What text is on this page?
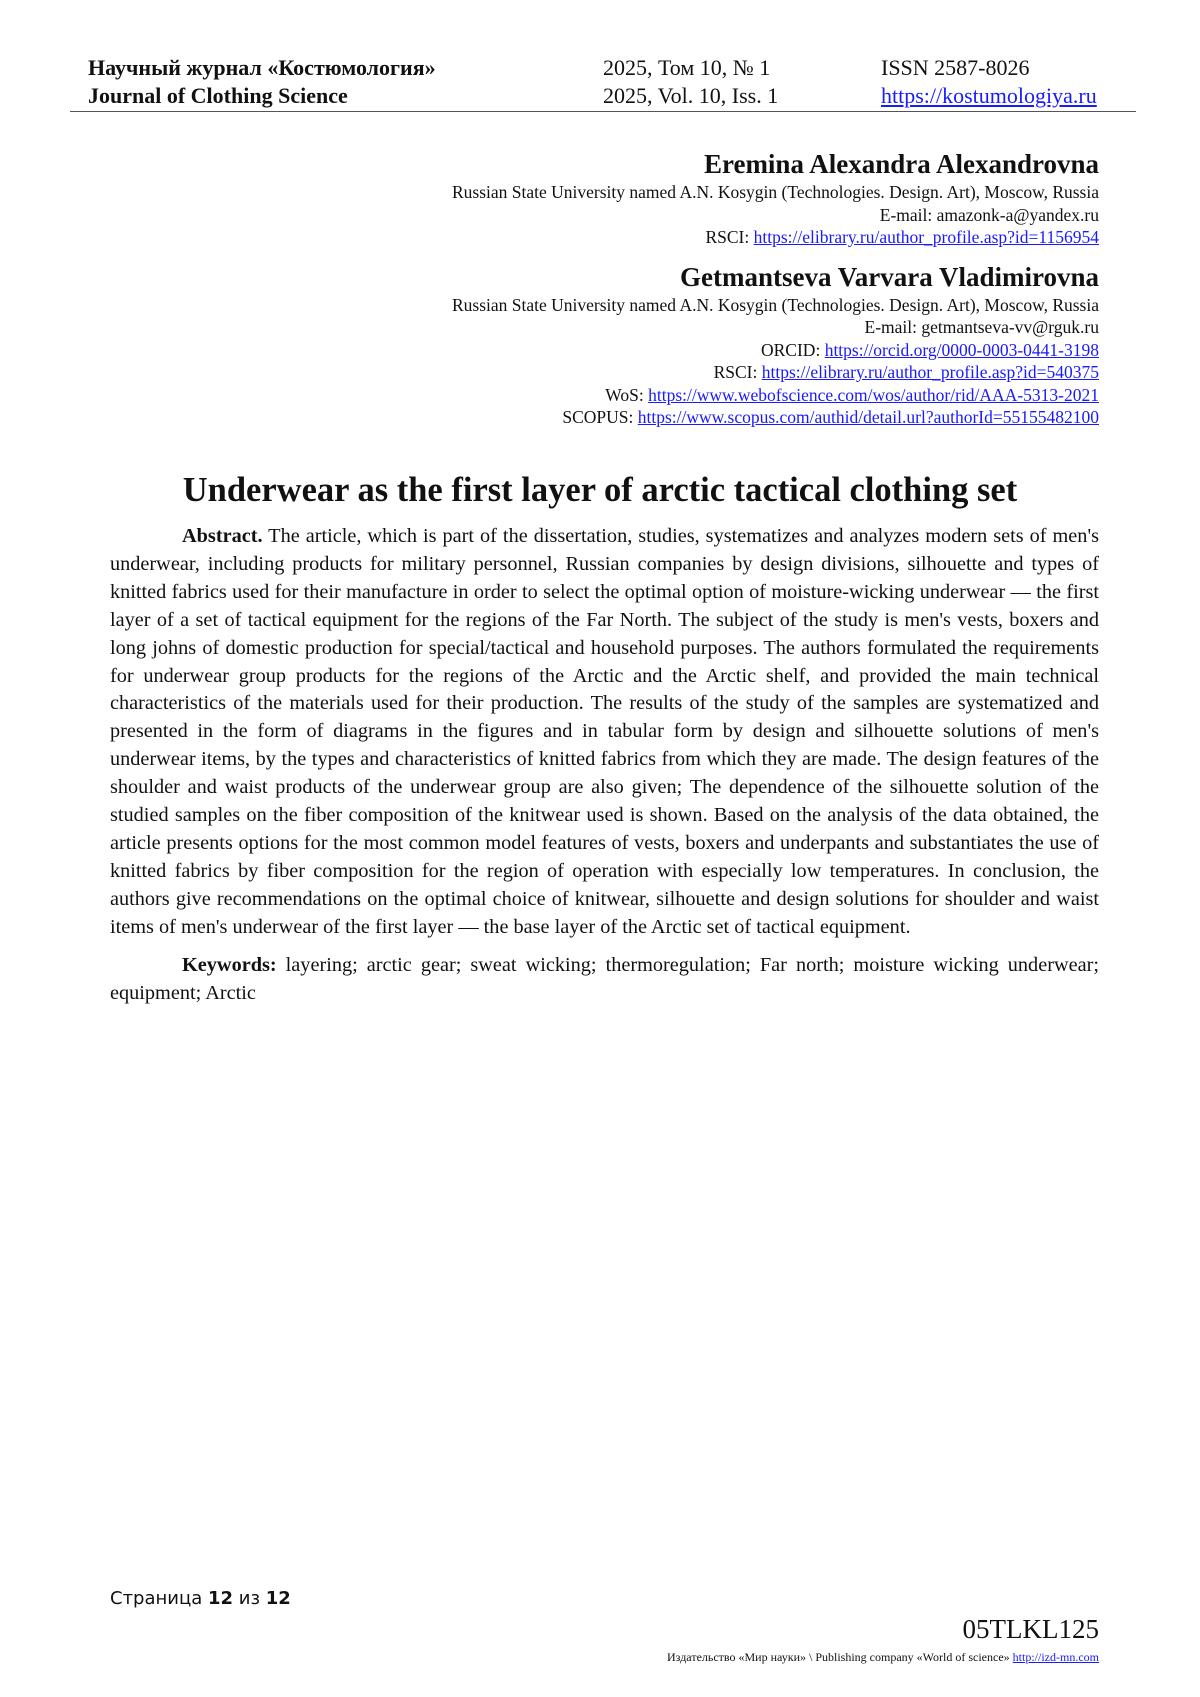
Научный журнал «Костюмология»	2025, Том 10, № 1	ISSN 2587-8026
Journal of Clothing Science	2025, Vol. 10, Iss. 1	https://kostumologiya.ru
Eremina Alexandra Alexandrovna
Russian State University named A.N. Kosygin (Technologies. Design. Art), Moscow, Russia
E-mail: amazonk-a@yandex.ru
RSCI: https://elibrary.ru/author_profile.asp?id=1156954
Getmantseva Varvara Vladimirovna
Russian State University named A.N. Kosygin (Technologies. Design. Art), Moscow, Russia
E-mail: getmantseva-vv@rguk.ru
ORCID: https://orcid.org/0000-0003-0441-3198
RSCI: https://elibrary.ru/author_profile.asp?id=540375
WoS: https://www.webofscience.com/wos/author/rid/AAA-5313-2021
SCOPUS: https://www.scopus.com/authid/detail.url?authorId=55155482100
Underwear as the first layer of arctic tactical clothing set

Abstract. The article, which is part of the dissertation, studies, systematizes and analyzes modern sets of men's underwear, including products for military personnel, Russian companies by design divisions, silhouette and types of knitted fabrics used for their manufacture in order to select the optimal option of moisture-wicking underwear — the first layer of a set of tactical equipment for the regions of the Far North. The subject of the study is men's vests, boxers and long johns of domestic production for special/tactical and household purposes. The authors formulated the requirements for underwear group products for the regions of the Arctic and the Arctic shelf, and provided the main technical characteristics of the materials used for their production. The results of the study of the samples are systematized and presented in the form of diagrams in the figures and in tabular form by design and silhouette solutions of men's underwear items, by the types and characteristics of knitted fabrics from which they are made. The design features of the shoulder and waist products of the underwear group are also given; The dependence of the silhouette solution of the studied samples on the fiber composition of the knitwear used is shown. Based on the analysis of the data obtained, the article presents options for the most common model features of vests, boxers and underpants and substantiates the use of knitted fabrics by fiber composition for the region of operation with especially low temperatures. In conclusion, the authors give recommendations on the optimal choice of knitwear, silhouette and design solutions for shoulder and waist items of men's underwear of the first layer — the base layer of the Arctic set of tactical equipment.

Keywords: layering; arctic gear; sweat wicking; thermoregulation; Far north; moisture wicking underwear; equipment; Arctic

Страница 12 из 12
05TLKL125
Издательство «Мир науки» \ Publishing company «World of science» http://izd-mn.com
